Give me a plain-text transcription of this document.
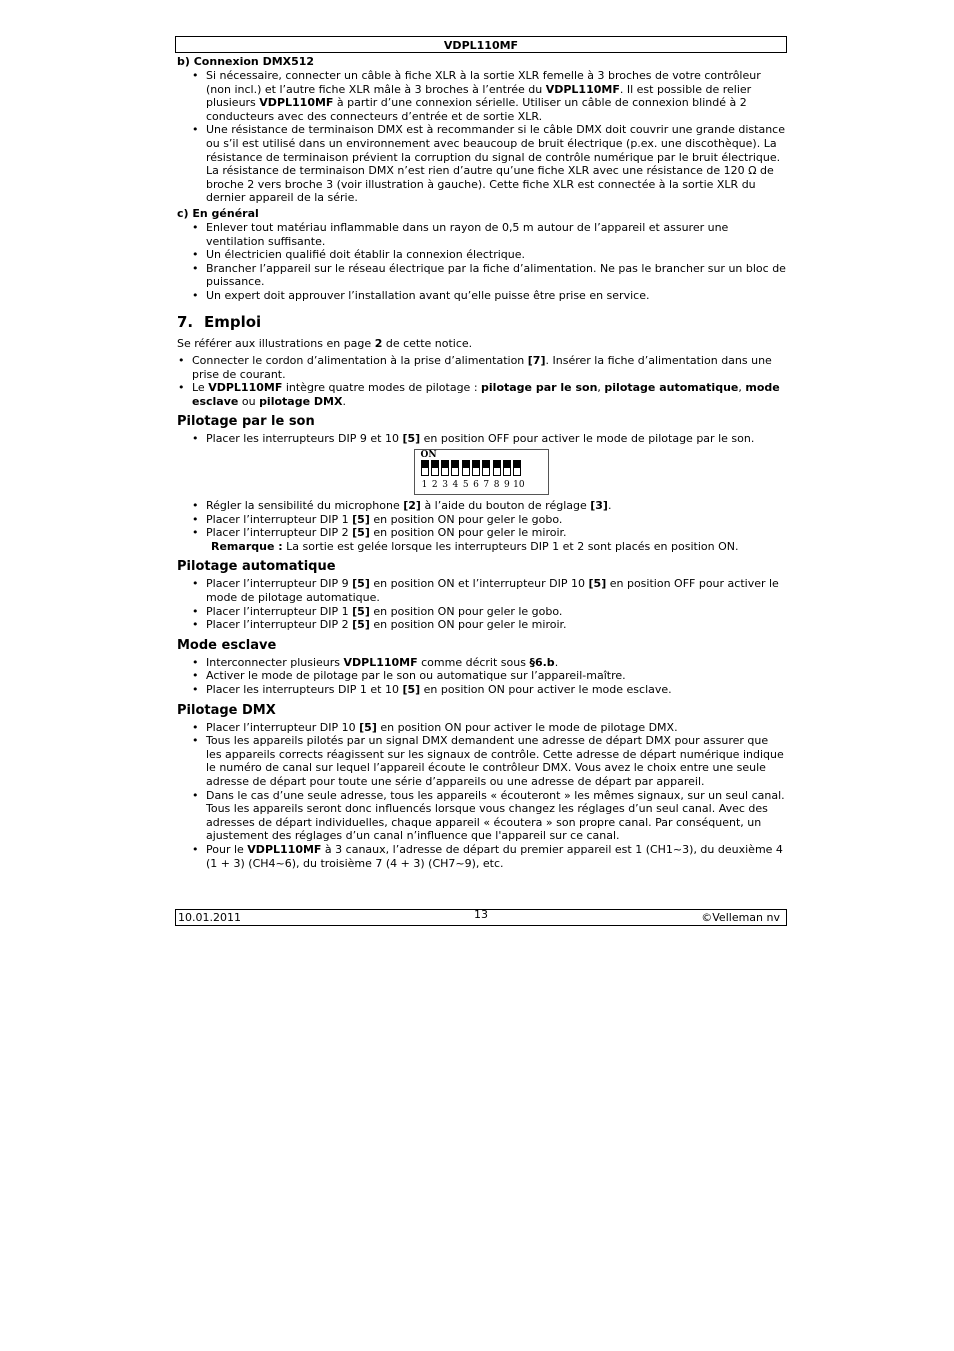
VDPL110MF
b) Connexion DMX512
• Si nécessaire, connecter un câble à fiche XLR à la sortie XLR femelle à 3 broches de votre contrôleur (non incl.) et l’autre fiche XLR mâle à 3 broches à l’entrée du VDPL110MF. Il est possible de relier plusieurs VDPL110MF à partir d’une connexion sérielle. Utiliser un câble de connexion blindé à 2 conducteurs avec des connecteurs d’entrée et de sortie XLR.
• Une résistance de terminaison DMX est à recommander si le câble DMX doit couvrir une grande distance ou s’il est utilisé dans un environnement avec beaucoup de bruit électrique (p.ex. une discothèque). La résistance de terminaison prévient la corruption du signal de contrôle numérique par le bruit électrique. La résistance de terminaison DMX n’est rien d’autre qu’une fiche XLR avec une résistance de 120 Ω de broche 2 vers broche 3 (voir illustration à gauche). Cette fiche XLR est connectée à la sortie XLR du dernier appareil de la série.
c) En général
• Enlever tout matériau inflammable dans un rayon de 0,5 m autour de l’appareil et assurer une ventilation suffisante.
• Un électricien qualifié doit établir la connexion électrique.
• Brancher l’appareil sur le réseau électrique par la fiche d’alimentation. Ne pas le brancher sur un bloc de puissance.
• Un expert doit approuver l’installation avant qu’elle puisse être prise en service.
7. Emploi

Se référer aux illustrations en page 2 de cette notice.

• Connecter le cordon d’alimentation à la prise d’alimentation [7]. Insérer la fiche d’alimentation dans une prise de courant.
• Le VDPL110MF intègre quatre modes de pilotage : pilotage par le son, pilotage automatique, mode esclave ou pilotage DMX.
Pilotage par le son
• Placer les interrupteurs DIP 9 et 10 [5] en position OFF pour activer le mode de pilotage par le son.
ON
1 2 3 4 5 6 7 8 9 10
• Régler la sensibilité du microphone [2] à l’aide du bouton de réglage [3].
• Placer l’interrupteur DIP 1 [5] en position ON pour geler le gobo.
• Placer l’interrupteur DIP 2 [5] en position ON pour geler le miroir.
Remarque : La sortie est gelée lorsque les interrupteurs DIP 1 et 2 sont placés en position ON.
Pilotage automatique
• Placer l’interrupteur DIP 9 [5] en position ON et l’interrupteur DIP 10 [5] en position OFF pour activer le mode de pilotage automatique.
• Placer l’interrupteur DIP 1 [5] en position ON pour geler le gobo.
• Placer l’interrupteur DIP 2 [5] en position ON pour geler le miroir.
Mode esclave
• Interconnecter plusieurs VDPL110MF comme décrit sous §6.b.
• Activer le mode de pilotage par le son ou automatique sur l’appareil-maître.
• Placer les interrupteurs DIP 1 et 10 [5] en position ON pour activer le mode esclave.
Pilotage DMX
• Placer l’interrupteur DIP 10 [5] en position ON pour activer le mode de pilotage DMX.
• Tous les appareils pilotés par un signal DMX demandent une adresse de départ DMX pour assurer que les appareils corrects réagissent sur les signaux de contrôle. Cette adresse de départ numérique indique le numéro de canal sur lequel l’appareil écoute le contrôleur DMX. Vous avez le choix entre une seule adresse de départ pour toute une série d’appareils ou une adresse de départ par appareil.
• Dans le cas d’une seule adresse, tous les appareils « écouteront » les mêmes signaux, sur un seul canal. Tous les appareils seront donc influencés lorsque vous changez les réglages d’un seul canal. Avec des adresses de départ individuelles, chaque appareil « écoutera » son propre canal. Par conséquent, un ajustement des réglages d’un canal n’influence que l'appareil sur ce canal.
• Pour le VDPL110MF à 3 canaux, l’adresse de départ du premier appareil est 1 (CH1~3), du deuxième 4 (1 + 3) (CH4~6), du troisième 7 (4 + 3) (CH7~9), etc.
10.01.2011	13	©Velleman nv
